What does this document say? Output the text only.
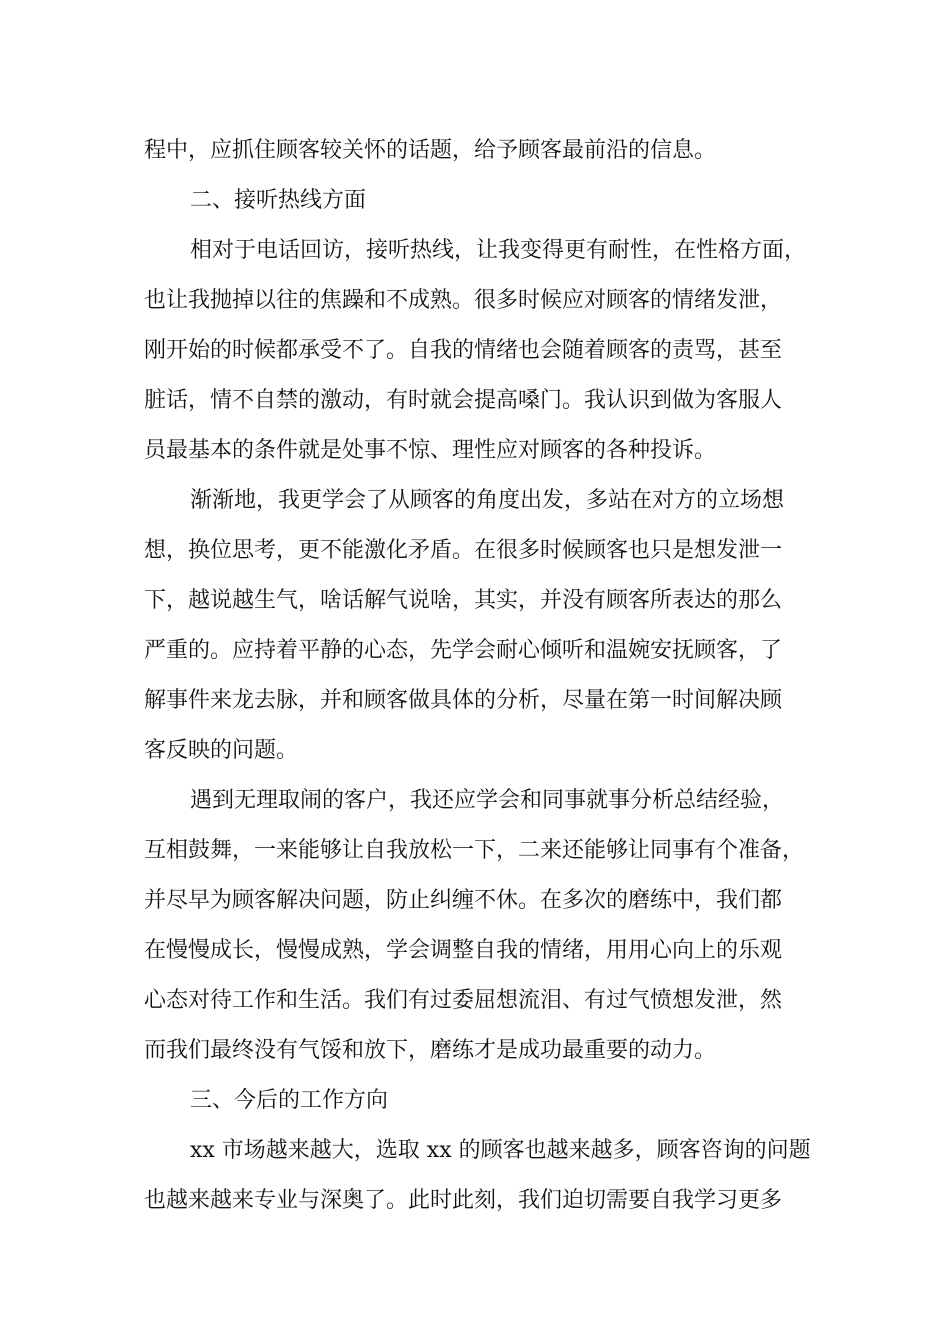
程中，应抓住顾客较关怀的话题，给予顾客最前沿的信息。

二、接听热线方面

相对于电话回访，接听热线，让我变得更有耐性，在性格方面，

也让我抛掉以往的焦躁和不成熟。很多时候应对顾客的情绪发泄，

刚开始的时候都承受不了。自我的情绪也会随着顾客的责骂，甚至

脏话，情不自禁的激动，有时就会提高嗓门。我认识到做为客服人

员最基本的条件就是处事不惊、理性应对顾客的各种投诉。

渐渐地，我更学会了从顾客的角度出发，多站在对方的立场想

想，换位思考，更不能激化矛盾。在很多时候顾客也只是想发泄一

下，越说越生气，啥话解气说啥，其实，并没有顾客所表达的那么

严重的。应持着平静的心态，先学会耐心倾听和温婉安抚顾客，了

解事件来龙去脉，并和顾客做具体的分析，尽量在第一时间解决顾

客反映的问题。

遇到无理取闹的客户，我还应学会和同事就事分析总结经验，

互相鼓舞，一来能够让自我放松一下，二来还能够让同事有个准备，

并尽早为顾客解决问题，防止纠缠不休。在多次的磨练中，我们都

在慢慢成长，慢慢成熟，学会调整自我的情绪，用用心向上的乐观

心态对待工作和生活。我们有过委屈想流泪、有过气愤想发泄，然

而我们最终没有气馁和放下，磨练才是成功最重要的动力。

三、今后的工作方向

xx 市场越来越大，选取 xx 的顾客也越来越多，顾客咨询的问题

也越来越来专业与深奥了。此时此刻，我们迫切需要自我学习更多
